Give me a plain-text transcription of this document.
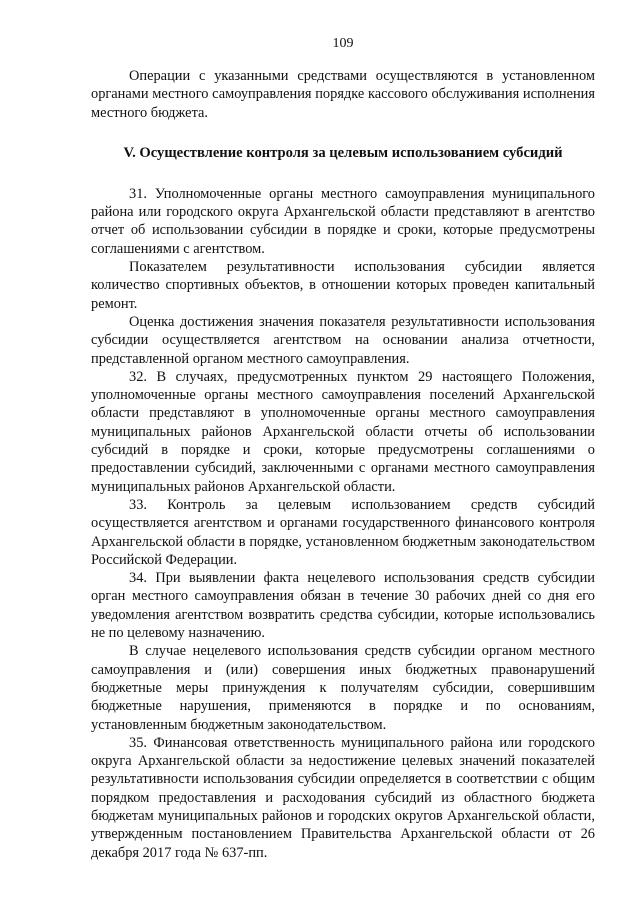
109

Операции с указанными средствами осуществляются в установленном органами местного самоуправления порядке кассового обслуживания исполнения местного бюджета.

V. Осуществление контроля за целевым использованием субсидий

31. Уполномоченные органы местного самоуправления муниципального района или городского округа Архангельской области представляют в агентство отчет об использовании субсидии в порядке и сроки, которые предусмотрены соглашениями с агентством.

Показателем результативности использования субсидии является количество спортивных объектов, в отношении которых проведен капитальный ремонт.

Оценка достижения значения показателя результативности использования субсидии осуществляется агентством на основании анализа отчетности, представленной органом местного самоуправления.

32. В случаях, предусмотренных пунктом 29 настоящего Положения, уполномоченные органы местного самоуправления поселений Архангельской области представляют в уполномоченные органы местного самоуправления муниципальных районов Архангельской области отчеты об использовании субсидий в порядке и сроки, которые предусмотрены соглашениями о предоставлении субсидий, заключенными с органами местного самоуправления муниципальных районов Архангельской области.

33. Контроль за целевым использованием средств субсидий осуществляется агентством и органами государственного финансового контроля Архангельской области в порядке, установленном бюджетным законодательством Российской Федерации.

34. При выявлении факта нецелевого использования средств субсидии орган местного самоуправления обязан в течение 30 рабочих дней со дня его уведомления агентством возвратить средства субсидии, которые использовались не по целевому назначению.

В случае нецелевого использования средств субсидии органом местного самоуправления и (или) совершения иных бюджетных правонарушений бюджетные меры принуждения к получателям субсидии, совершившим бюджетные нарушения, применяются в порядке и по основаниям, установленным бюджетным законодательством.

35. Финансовая ответственность муниципального района или городского округа Архангельской области за недостижение целевых значений показателей результативности использования субсидии определяется в соответствии с общим порядком предоставления и расходования субсидий из областного бюджета бюджетам муниципальных районов и городских округов Архангельской области, утвержденным постановлением Правительства Архангельской области от 26 декабря 2017 года № 637-пп.
